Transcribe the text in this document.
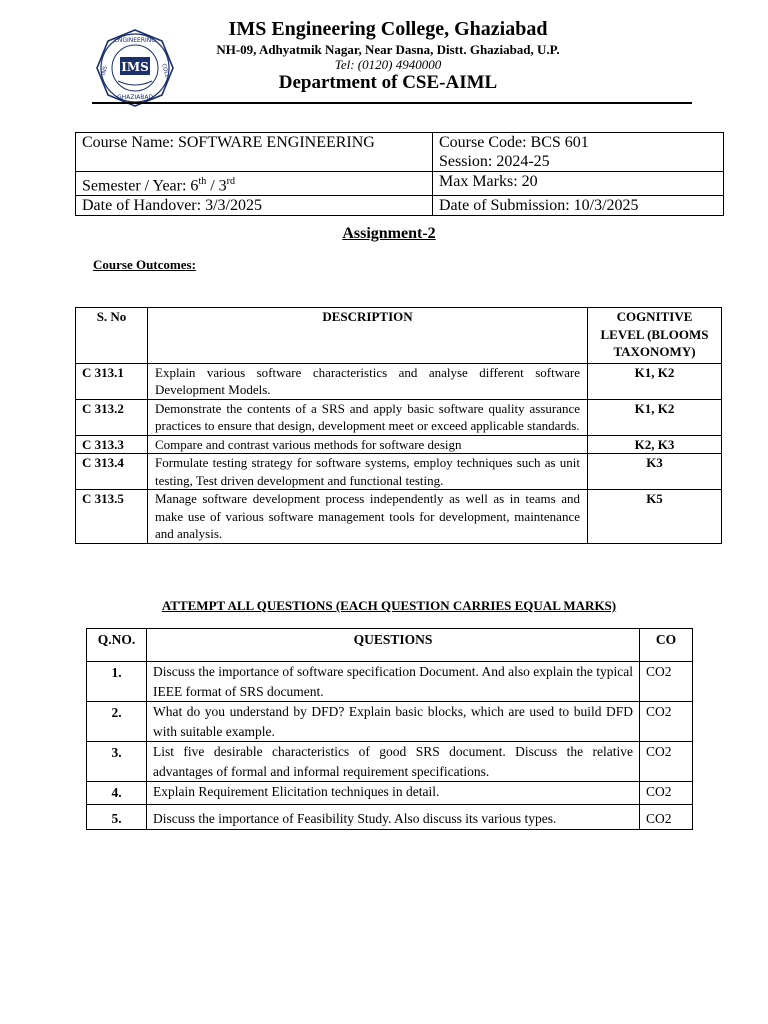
ENGINEERING
INS	COLL
IMS
GHAZIABAD
IMS Engineering College, Ghaziabad
NH-09, Adhyatmik Nagar, Near Dasna, Distt. Ghaziabad, U.P.
Tel: (0120) 4940000
Department of CSE-AIML
Course Name: SOFTWARE ENGINEERING	Course Code: BCS 601
Session: 2024-25

Semester / Year: 6th / 3rd	Max Marks: 20
Date of Handover: 3/3/2025	Date of Submission: 10/3/2025
Assignment-2
Course Outcomes:
S. No	DESCRIPTION	COGNITIVE LEVEL (BLOOMS TAXONOMY)
C 313.1	Explain various software characteristics and analyse different software Development Models.	K1, K2
C 313.2	Demonstrate the contents of a SRS and apply basic software quality assurance practices to ensure that design, development meet or exceed applicable standards.	K1, K2
C 313.3	Compare and contrast various methods for software design	K2, K3
C 313.4	Formulate testing strategy for software systems, employ techniques such as unit testing, Test driven development and functional testing.	K3
C 313.5	Manage software development process independently as well as in teams and make use of various software management tools for development, maintenance and analysis.	K5
ATTEMPT ALL QUESTIONS (EACH QUESTION CARRIES EQUAL MARKS)
Q.NO.	QUESTIONS	CO
1.	Discuss the importance of software specification Document. And also explain the typical IEEE format of SRS document.	CO2
2.	What do you understand by DFD? Explain basic blocks, which are used to build DFD with suitable example.	CO2
3.	List five desirable characteristics of good SRS document. Discuss the relative advantages of formal and informal requirement specifications.	CO2
4.	Explain Requirement Elicitation techniques in detail.	CO2
5.	Discuss the importance of Feasibility Study. Also discuss its various types.	CO2
